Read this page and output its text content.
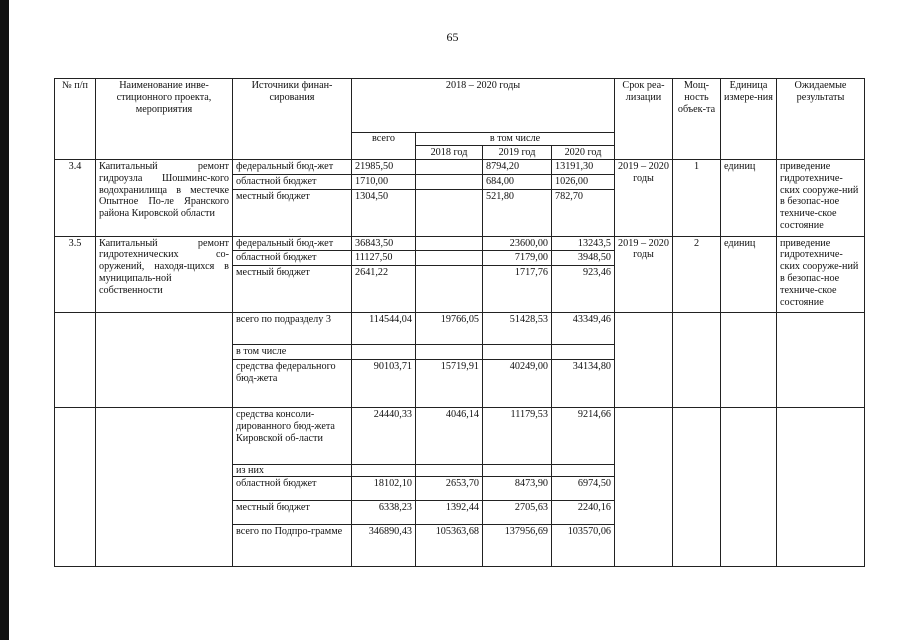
65
№ п/п	Наименование инве-стиционного проекта, мероприятия	Источники финан-сирования	2018 – 2020 годы				Срок реа-лизации	Мощ-ность объек-та	Единица измере-ния	Ожидаемые результаты
			всего	в том числе						
				2018 год	2019 год	2020 год				
3.4	Капитальный ремонт гидроузла Шошминс-кого водохранилища в местечке Опытное По-ле Яранского района Кировской области	федеральный бюд-жет	21985,50		8794,20	13191,30	2019 – 2020 годы	1	единиц	приведение гидротехниче-ских сооруже-ний в безопас-ное техниче-ское состояние
		областной бюджет	1710,00		684,00	1026,00				
		местный бюджет	1304,50		521,80	782,70				
3.5	Капитальный ремонт гидротехнических со-оружений, находя-щихся в муниципаль-ной собственности	федеральный бюд-жет	36843,50		23600,00	13243,5	2019 – 2020 годы	2	единиц	приведение гидротехниче-ских сооруже-ний в безопас-ное техниче-ское состояние
		областной бюджет	11127,50		7179,00	3948,50				
		местный бюджет	2641,22		1717,76	923,46				
		всего по подразделу 3	114544,04	19766,05	51428,53	43349,46				
		в том числе								
		средства федерального бюд-жета	90103,71	15719,91	40249,00	34134,80				
		средства консоли-дированного бюд-жета Кировской об-ласти	24440,33	4046,14	11179,53	9214,66				
		из них								
		областной бюджет	18102,10	2653,70	8473,90	6974,50				
		местный бюджет	6338,23	1392,44	2705,63	2240,16				
		всего по Подпро-грамме	346890,43	105363,68	137956,69	103570,06				
